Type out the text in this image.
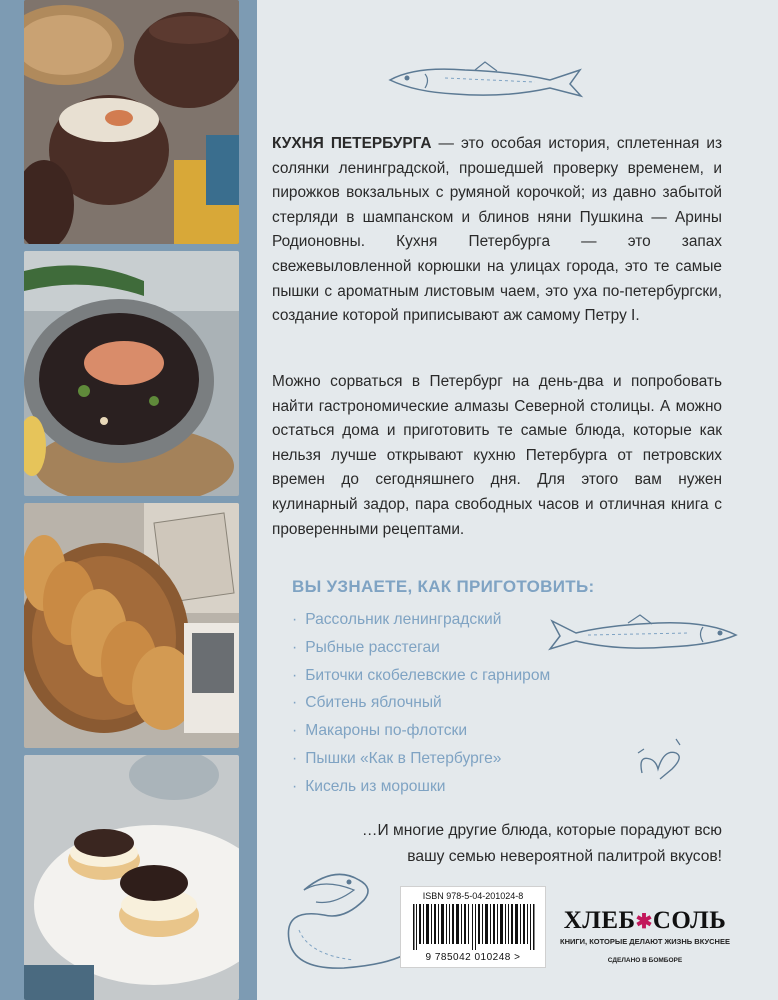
КУХНЯ ПЕТЕРБУРГА — это особая история, сплетенная из солянки ленинградской, прошедшей проверку временем, и пирожков вокзальных с румяной корочкой; из давно забытой стерляди в шампанском и блинов няни Пушкина — Арины Родионовны. Кухня Петербурга — это запах свежевыловленной корюшки на улицах города, это те самые пышки с ароматным листовым чаем, это уха по-петербургски, создание которой приписывают аж самому Петру I.

Можно сорваться в Петербург на день-два и попробовать найти гастрономические алмазы Северной столицы. А можно остаться дома и приготовить те самые блюда, которые как нельзя лучше открывают кухню Петербурга от петровских времен до сегодняшнего дня. Для этого вам нужен кулинарный задор, пара свободных часов и отличная книга с проверенными рецептами.

ВЫ УЗНАЕТЕ, КАК ПРИГОТОВИТЬ:
· Рассольник ленинградский
· Рыбные расстегаи
· Биточки скобелевские с гарниром
· Сбитень яблочный
· Макароны по-флотски
· Пышки «Как в Петербурге»
· Кисель из морошки
…И многие другие блюда, которые порадуют всю
вашу семью невероятной палитрой вкусов!
ISBN 978-5-04-201024-8
9 785042 010248 >
ХЛЕБ✱СОЛЬ
КНИГИ, КОТОРЫЕ ДЕЛАЮТ ЖИЗНЬ ВКУСНЕЕ
СДЕЛАНО В БОМБОРЕ
